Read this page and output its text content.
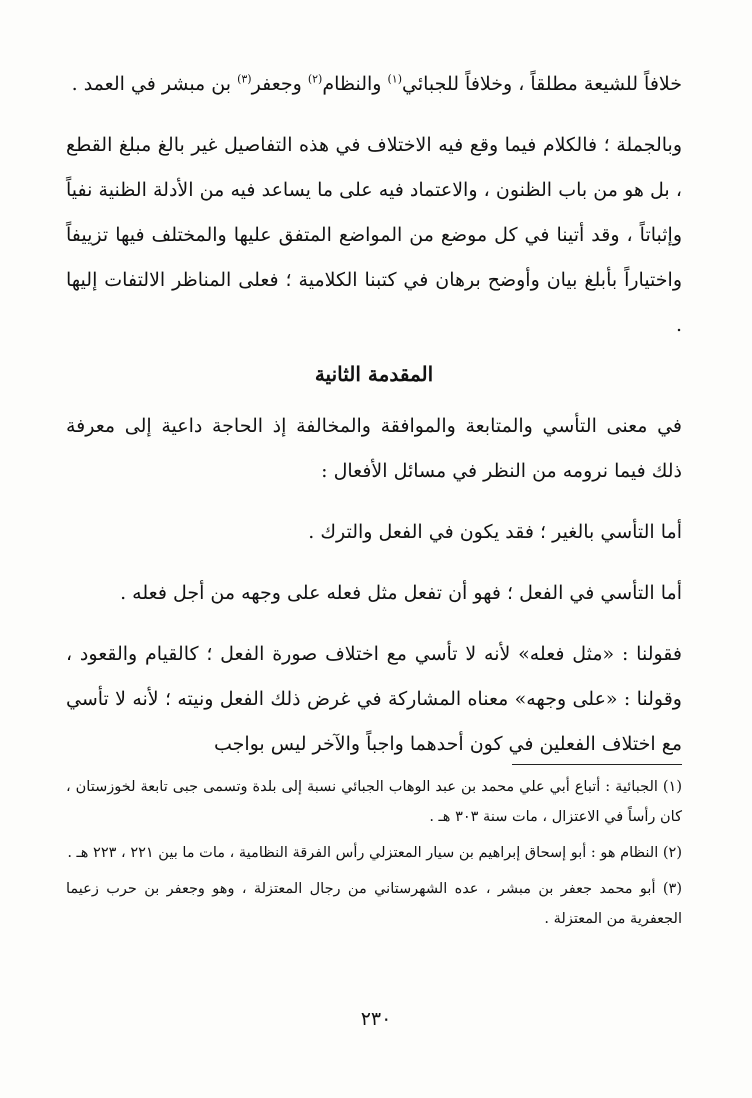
خلافاً للشيعة مطلقاً ، وخلافاً للجبائي$^{(١)}$ والنظام$^{(٢)}$ وجعفر$^{(٣)}$ بن مبشر في العمد .

وبالجملة ؛ فالكلام فيما وقع فيه الاختلاف في هذه التفاصيل غير بالغ مبلغ القطع ، بل هو من باب الظنون ، والاعتماد فيه على ما يساعد فيه من الأدلة الظنية نفياً وإثباتاً ، وقد أتينا في كل موضع من المواضع المتفق عليها والمختلف فيها تزييفاً واختياراً بأبلغ بيان وأوضح برهان في كتبنا الكلامية ؛ فعلى المناظر الالتفات إليها .

المقدمة الثانية

في معنى التأسي والمتابعة والموافقة والمخالفة إذ الحاجة داعية إلى معرفة ذلك فيما نرومه من النظر في مسائل الأفعال :

أما التأسي بالغير ؛ فقد يكون في الفعل والترك .

أما التأسي في الفعل ؛ فهو أن تفعل مثل فعله على وجهه من أجل فعله .

فقولنا : «مثل فعله» لأنه لا تأسي مع اختلاف صورة الفعل ؛ كالقيام والقعود ، وقولنا : «على وجهه» معناه المشاركة في غرض ذلك الفعل ونيته ؛ لأنه لا تأسي مع اختلاف الفعلين في كون أحدهما واجباً والآخر ليس بواجب

(١) الجبائية : أتباع أبي علي محمد بن عبد الوهاب الجبائي نسبة إلى بلدة وتسمى جبى تابعة لخوزستان ، كان رأساً في الاعتزال ، مات سنة ٣٠٣ هـ .

(٢) النظام هو : أبو إسحاق إبراهيم بن سيار المعتزلي رأس الفرقة النظامية ، مات ما بين ٢٢١ ، ٢٢٣ هـ .

(٣) أبو محمد جعفر بن مبشر ، عده الشهرستاني من رجال المعتزلة ، وهو وجعفر بن حرب زعيما الجعفرية من المعتزلة .

٢٣٠
